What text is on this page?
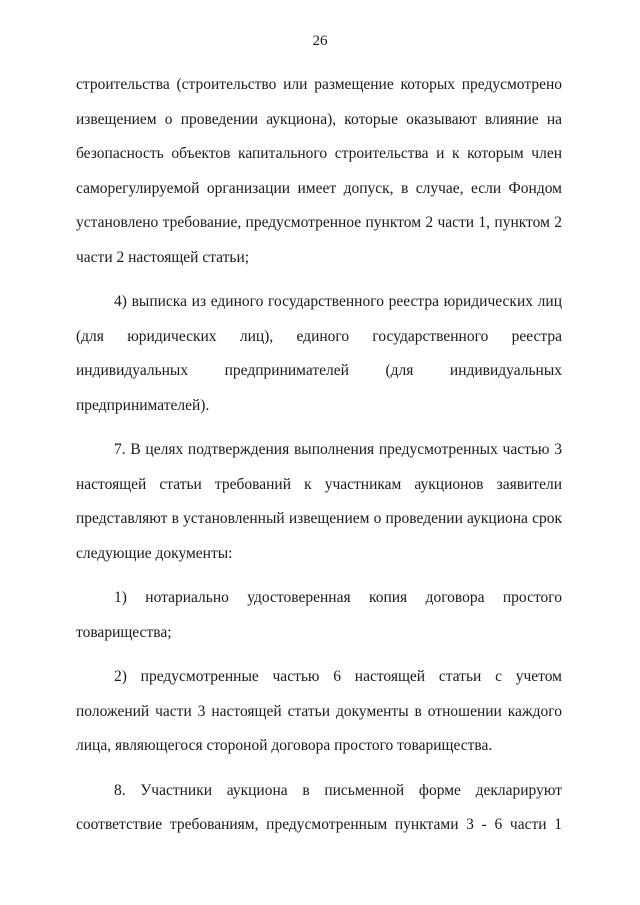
26

строительства (строительство или размещение которых предусмотрено извещением о проведении аукциона), которые оказывают влияние на безопасность объектов капитального строительства и к которым член саморегулируемой организации имеет допуск, в случае, если Фондом установлено требование, предусмотренное пунктом 2 части 1, пунктом 2 части 2 настоящей статьи;

4) выписка из единого государственного реестра юридических лиц (для юридических лиц), единого государственного реестра индивидуальных предпринимателей (для индивидуальных предпринимателей).

7. В целях подтверждения выполнения предусмотренных частью 3 настоящей статьи требований к участникам аукционов заявители представляют в установленный извещением о проведении аукциона срок следующие документы:

1) нотариально удостоверенная копия договора простого товарищества;

2) предусмотренные частью 6 настоящей статьи с учетом положений части 3 настоящей статьи документы в отношении каждого лица, являющегося стороной договора простого товарищества.

8. Участники аукциона в письменной форме декларируют соответствие требованиям, предусмотренным пунктами 3 - 6 части 1
